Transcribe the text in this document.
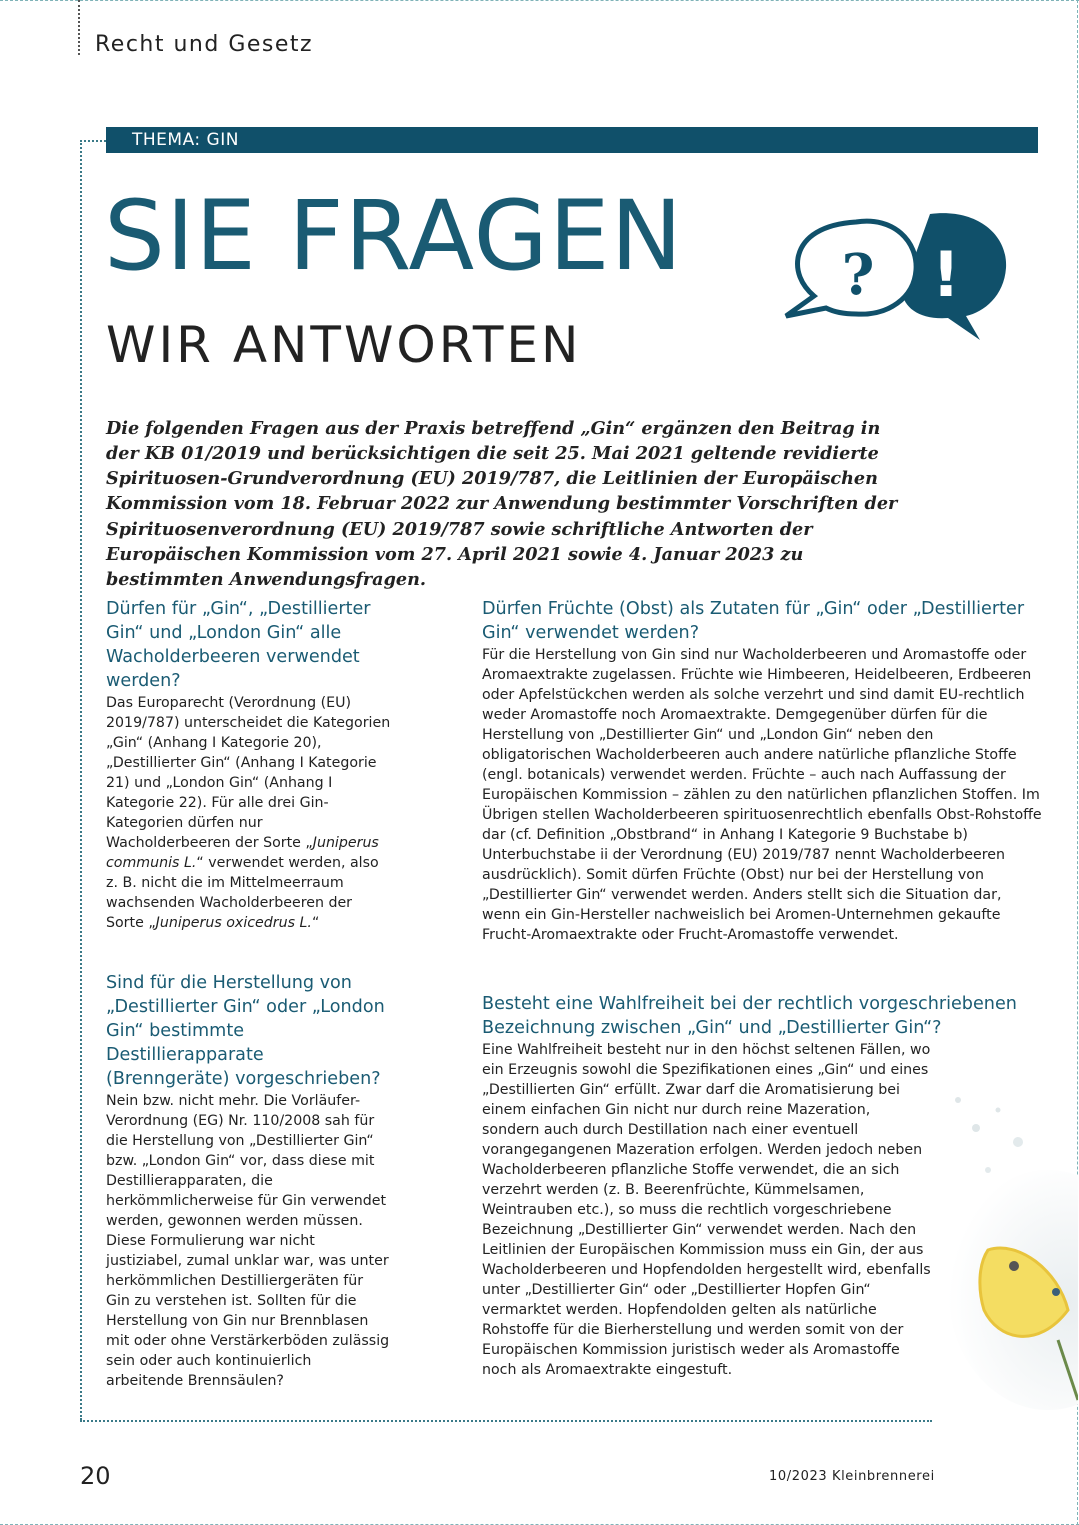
Recht und Gesetz
THEMA: GIN
SIE FRAGEN
WIR ANTWORTEN
!
?

Die folgenden Fragen aus der Praxis betreffend „Gin“ ergänzen den Beitrag in der KB 01/2019 und berücksichtigen die seit 25. Mai 2021 geltende revidierte Spirituosen-Grundverordnung (EU) 2019/787, die Leitlinien der Europäischen Kommission vom 18. Februar 2022 zur Anwendung bestimmter Vorschriften der Spirituosenverordnung (EU) 2019/787 sowie schriftliche Antworten der Europäischen Kommission vom 27. April 2021 sowie 4. Januar 2023 zu bestimmten Anwendungsfragen.

Dürfen für „Gin“, „Destillierter Gin“ und „London Gin“ alle Wacholderbeeren verwendet werden?

Das Europarecht (Verordnung (EU) 2019/787) unterscheidet die Kategorien „Gin“ (Anhang I Kategorie 20), „Destillierter Gin“ (Anhang I Kategorie 21) und „London Gin“ (Anhang I Kategorie 22). Für alle drei Gin-Kategorien dürfen nur Wacholderbeeren der Sorte „Juniperus communis L.“ verwendet werden, also z. B. nicht die im Mittelmeerraum wachsenden Wacholderbeeren der Sorte „Juniperus oxicedrus L.“

Dürfen Früchte (Obst) als Zutaten für „Gin“ oder „Destillierter Gin“ verwendet werden?

Für die Herstellung von Gin sind nur Wacholderbeeren und Aromastoffe oder Aromaextrakte zugelassen. Früchte wie Himbeeren, Heidelbeeren, Erdbeeren oder Apfelstückchen werden als solche verzehrt und sind damit EU-rechtlich weder Aromastoffe noch Aromaextrakte. Demgegenüber dürfen für die Herstellung von „Destillierter Gin“ und „London Gin“ neben den obligatorischen Wacholderbeeren auch andere natürliche pflanzliche Stoffe (engl. botanicals) verwendet werden. Früchte – auch nach Auffassung der Europäischen Kommission – zählen zu den natürlichen pflanzlichen Stoffen. Im Übrigen stellen Wacholderbeeren spirituosenrechtlich ebenfalls Obst-Rohstoffe dar (cf. Definition „Obstbrand“ in Anhang I Kategorie 9 Buchstabe b) Unterbuchstabe ii der Verordnung (EU) 2019/787 nennt Wacholderbeeren ausdrücklich). Somit dürfen Früchte (Obst) nur bei der Herstellung von „Destillierter Gin“ verwendet werden. Anders stellt sich die Situation dar, wenn ein Gin-Hersteller nachweislich bei Aromen-Unternehmen gekaufte Frucht-Aromaextrakte oder Frucht-Aromastoffe verwendet.

Sind für die Herstellung von „Destillierter Gin“ oder „London Gin“ bestimmte Destillierapparate (Brenngeräte) vorgeschrieben?

Nein bzw. nicht mehr. Die Vorläufer-Verordnung (EG) Nr. 110/2008 sah für die Herstellung von „Destillierter Gin“ bzw. „London Gin“ vor, dass diese mit Destillierapparaten, die herkömmlicherweise für Gin verwendet werden, gewonnen werden müssen. Diese Formulierung war nicht justiziabel, zumal unklar war, was unter herkömmlichen Destilliergeräten für Gin zu verstehen ist. Sollten für die Herstellung von Gin nur Brennblasen mit oder ohne Verstärkerböden zulässig sein oder auch kontinuierlich arbeitende Brennsäulen?

Besteht eine Wahlfreiheit bei der rechtlich vorgeschriebenen Bezeichnung zwischen „Gin“ und „Destillierter Gin“?

Eine Wahlfreiheit besteht nur in den höchst seltenen Fällen, wo ein Erzeugnis sowohl die Spezifikationen eines „Gin“ und eines „Destillierten Gin“ erfüllt. Zwar darf die Aromatisierung bei einem einfachen Gin nicht nur durch reine Mazeration, sondern auch durch Destillation nach einer eventuell vorangegangenen Mazeration erfolgen. Werden jedoch neben Wacholderbeeren pflanzliche Stoffe verwendet, die an sich verzehrt werden (z. B. Beerenfrüchte, Kümmelsamen, Weintrauben etc.), so muss die rechtlich vorgeschriebene Bezeichnung „Destillierter Gin“ verwendet werden. Nach den Leitlinien der Europäischen Kommission muss ein Gin, der aus Wacholderbeeren und Hopfendolden hergestellt wird, ebenfalls unter „Destillierter Gin“ oder „Destillierter Hopfen Gin“ vermarktet werden. Hopfendolden gelten als natürliche Rohstoffe für die Bierherstellung und werden somit von der Europäischen Kommission juristisch weder als Aromastoffe noch als Aromaextrakte eingestuft.

20	10/2023 Kleinbrennerei
